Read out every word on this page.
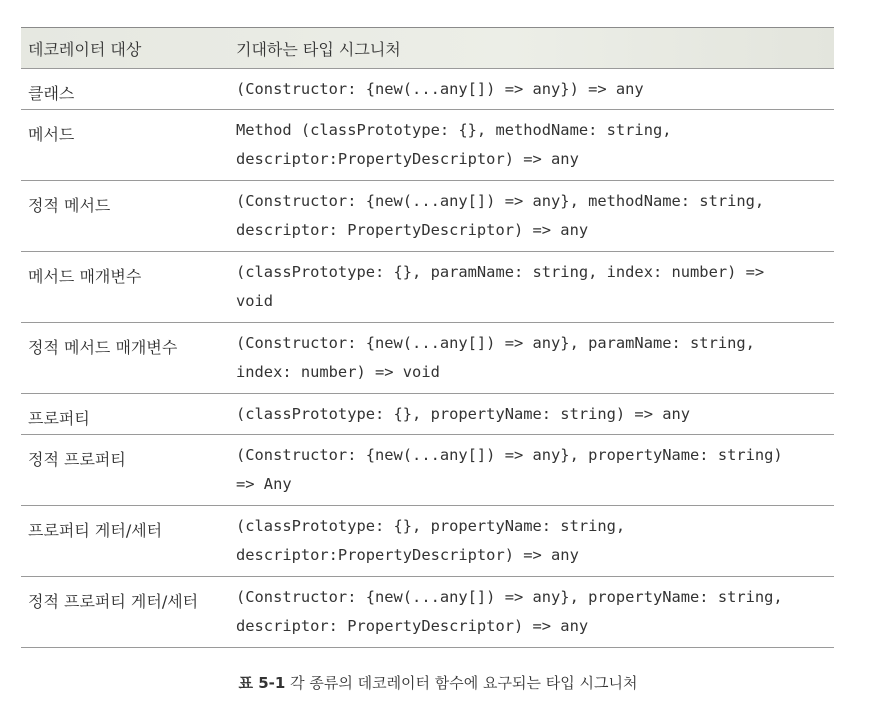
데코레이터 대상	기대하는 타입 시그니처
클래스	(Constructor: {new(...any[]) => any}) => any
메서드	Method (classPrototype: {}, methodName: string,
descriptor:PropertyDescriptor) => any
정적 메서드	(Constructor: {new(...any[]) => any}, methodName: string,
descriptor: PropertyDescriptor) => any
메서드 매개변수	(classPrototype: {}, paramName: string, index: number) =>
void
정적 메서드 매개변수	(Constructor: {new(...any[]) => any}, paramName: string,
index: number) => void
프로퍼티	(classPrototype: {}, propertyName: string) => any
정적 프로퍼티	(Constructor: {new(...any[]) => any}, propertyName: string)
=> Any
프로퍼티 게터/세터	(classPrototype: {}, propertyName: string,
descriptor:PropertyDescriptor) => any
정적 프로퍼티 게터/세터	(Constructor: {new(...any[]) => any}, propertyName: string,
descriptor: PropertyDescriptor) => any
표 5-1 각 종류의 데코레이터 함수에 요구되는 타입 시그니처
